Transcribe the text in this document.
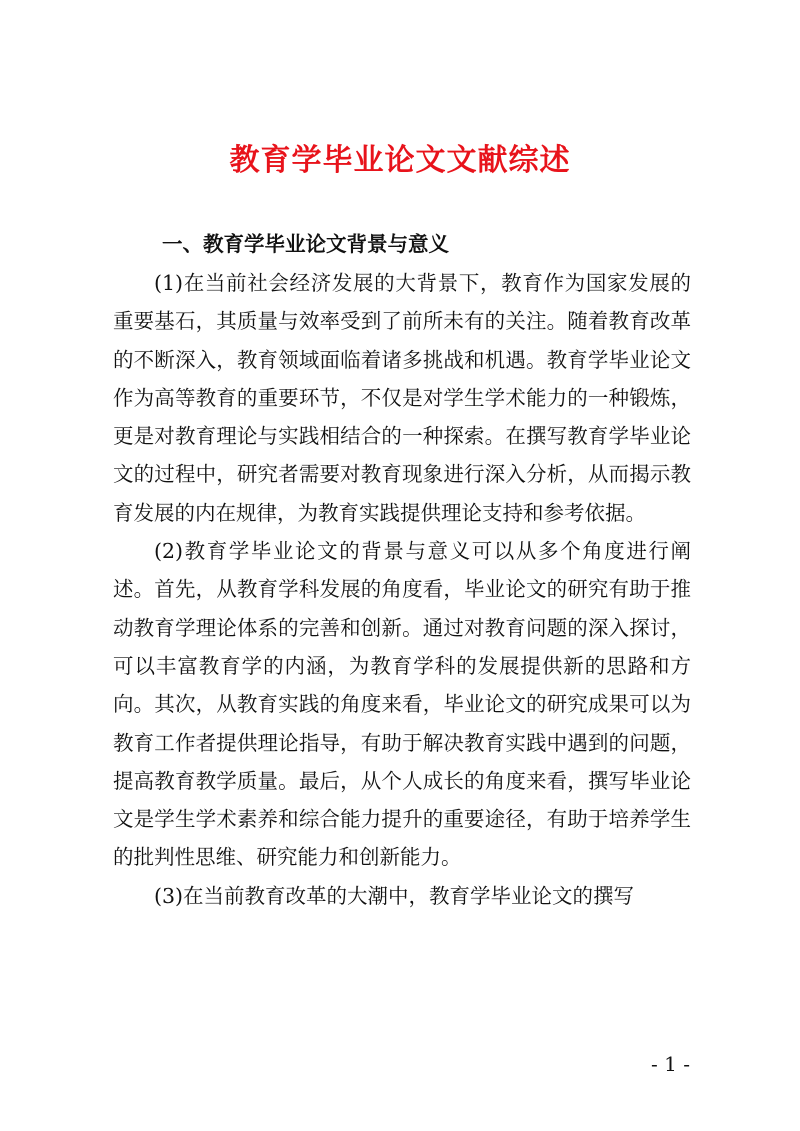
教育学毕业论文文献综述
一、教育学毕业论文背景与意义

(1)在当前社会经济发展的大背景下，教育作为国家发展的重要基石，其质量与效率受到了前所未有的关注。随着教育改革的不断深入，教育领域面临着诸多挑战和机遇。教育学毕业论文作为高等教育的重要环节，不仅是对学生学术能力的一种锻炼，更是对教育理论与实践相结合的一种探索。在撰写教育学毕业论文的过程中，研究者需要对教育现象进行深入分析，从而揭示教育发展的内在规律，为教育实践提供理论支持和参考依据。

(2)教育学毕业论文的背景与意义可以从多个角度进行阐述。首先，从教育学科发展的角度看，毕业论文的研究有助于推动教育学理论体系的完善和创新。通过对教育问题的深入探讨，可以丰富教育学的内涵，为教育学科的发展提供新的思路和方向。其次，从教育实践的角度来看，毕业论文的研究成果可以为教育工作者提供理论指导，有助于解决教育实践中遇到的问题，提高教育教学质量。最后，从个人成长的角度来看，撰写毕业论文是学生学术素养和综合能力提升的重要途径，有助于培养学生的批判性思维、研究能力和创新能力。

(3)在当前教育改革的大潮中，教育学毕业论文的撰写

- 1 -
